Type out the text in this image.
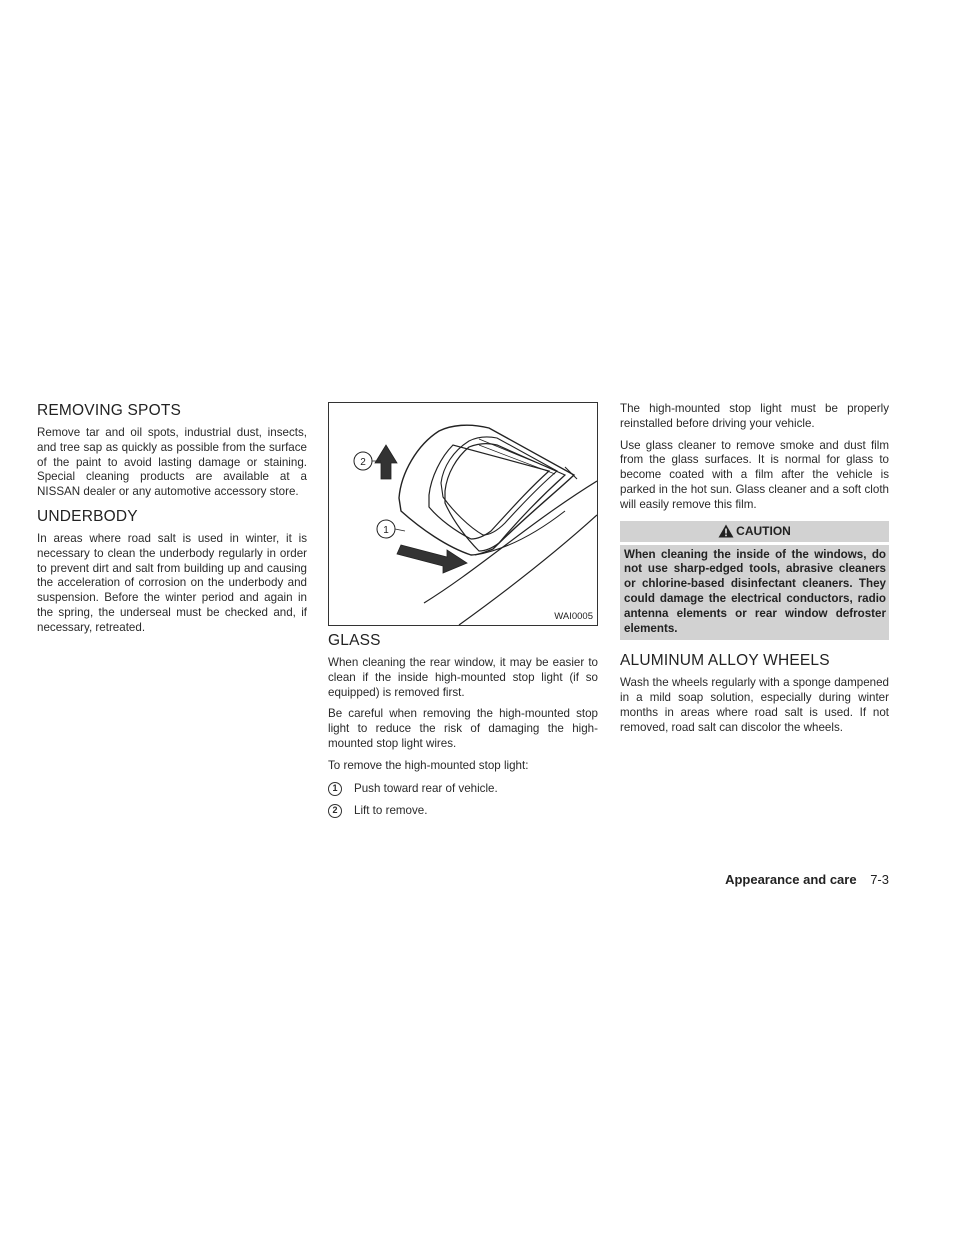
REMOVING SPOTS

Remove tar and oil spots, industrial dust, insects, and tree sap as quickly as possible from the surface of the paint to avoid lasting damage or staining. Special cleaning products are available at a NISSAN dealer or any automotive accessory store.

UNDERBODY

In areas where road salt is used in winter, it is necessary to clean the underbody regularly in order to prevent dirt and salt from building up and causing the acceleration of corrosion on the underbody and suspension. Before the winter period and again in the spring, the underseal must be checked and, if necessary, retreated.

2
1
WAI0005
GLASS

When cleaning the rear window, it may be easier to clean if the inside high-mounted stop light (if so equipped) is removed first.

Be careful when removing the high-mounted stop light to reduce the risk of damaging the high-mounted stop light wires.

To remove the high-mounted stop light:

1	Push toward rear of vehicle.
2	Lift to remove.

The high-mounted stop light must be properly reinstalled before driving your vehicle.

Use glass cleaner to remove smoke and dust film from the glass surfaces. It is normal for glass to become coated with a film after the vehicle is parked in the hot sun. Glass cleaner and a soft cloth will easily remove this film.

CAUTION
When cleaning the inside of the windows, do not use sharp-edged tools, abrasive cleaners or chlorine-based disinfectant cleaners. They could damage the electrical conductors, radio antenna elements or rear window defroster elements.
ALUMINUM ALLOY WHEELS

Wash the wheels regularly with a sponge dampened in a mild soap solution, especially during winter months in areas where road salt is used. If not removed, road salt can discolor the wheels.

Appearance and care 7-3
